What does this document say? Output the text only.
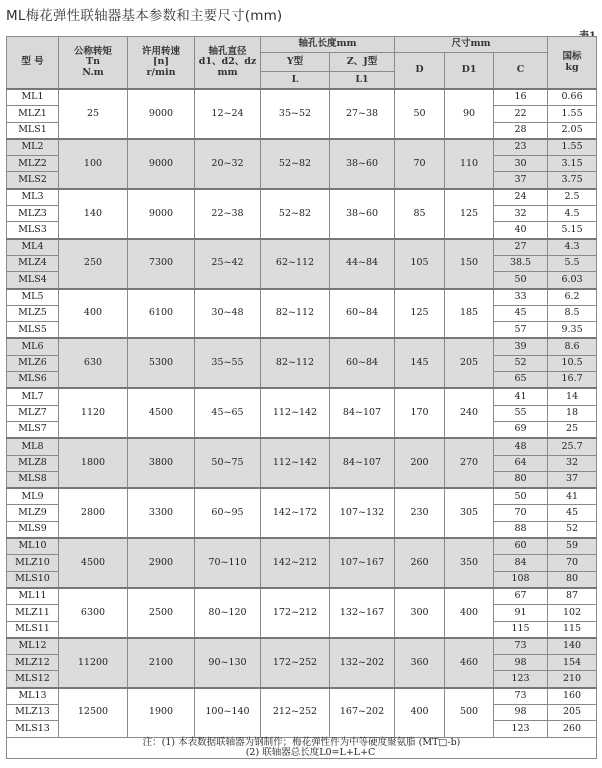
ML梅花弹性联轴器基本参数和主要尺寸(mm)
型 号	公称转矩
Tn
N.m	许用转速
[n]
r/min	轴孔直径
d1、d2、dz
mm	轴孔长度mm		尺寸mm			国标
kg
				Y型	Z、J型	D	D1	C	
				L	L1				
ML1	25	9000	12~24	35~52	27~38	50	90	16	0.66
MLZ1								22	1.55
MLS1								28	2.05
ML2	100	9000	20~32	52~82	38~60	70	110	23	1.55
MLZ2								30	3.15
MLS2								37	3.75
ML3	140	9000	22~38	52~82	38~60	85	125	24	2.5
MLZ3								32	4.5
MLS3								40	5.15
ML4	250	7300	25~42	62~112	44~84	105	150	27	4.3
MLZ4								38.5	5.5
MLS4								50	6.03
ML5	400	6100	30~48	82~112	60~84	125	185	33	6.2
MLZ5								45	8.5
MLS5								57	9.35
ML6	630	5300	35~55	82~112	60~84	145	205	39	8.6
MLZ6								52	10.5
MLS6								65	16.7
ML7	1120	4500	45~65	112~142	84~107	170	240	41	14
MLZ7								55	18
MLS7								69	25
ML8	1800	3800	50~75	112~142	84~107	200	270	48	25.7
MLZ8								64	32
MLS8								80	37
ML9	2800	3300	60~95	142~172	107~132	230	305	50	41
MLZ9								70	45
MLS9								88	52
ML10	4500	2900	70~110	142~212	107~167	260	350	60	59
MLZ10								84	70
MLS10								108	80
ML11	6300	2500	80~120	172~212	132~167	300	400	67	87
MLZ11								91	102
MLS11								115	115
ML12	11200	2100	90~130	172~252	132~202	360	460	73	140
MLZ12								98	154
MLS12								123	210
ML13	12500	1900	100~140	212~252	167~202	400	500	73	160
MLZ13								98	205
MLS13								123	260
注：(1) 本表数据联轴器为钢制作；梅花弹性件为中等硬度聚氨脂 (MT□-b)
(2) 联轴器总长度L0=L+L+C									
